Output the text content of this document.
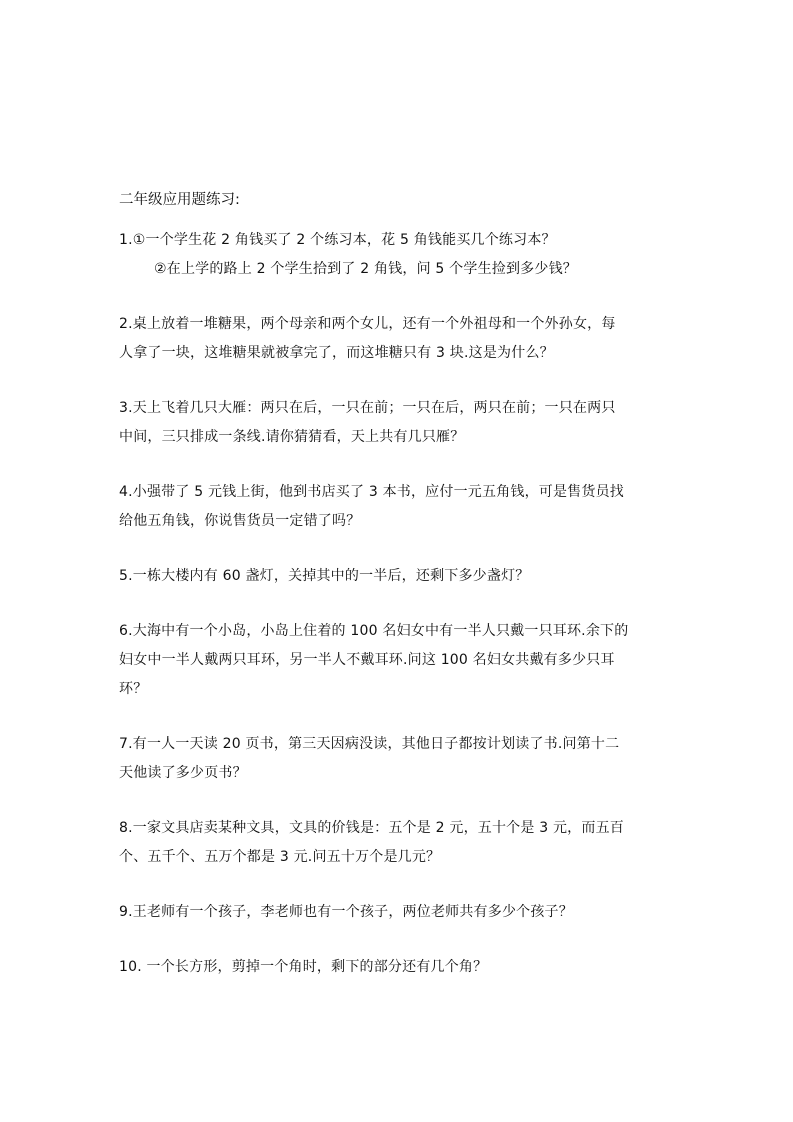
二年级应用题练习:
1.①一个学生花 2 角钱买了 2 个练习本，花 5 角钱能买几个练习本？
②在上学的路上 2 个学生拾到了 2 角钱，问 5 个学生捡到多少钱？
2.桌上放着一堆糖果，两个母亲和两个女儿，还有一个外祖母和一个外孙女，每
人拿了一块，这堆糖果就被拿完了，而这堆糖只有 3 块.这是为什么？
3.天上飞着几只大雁：两只在后，一只在前；一只在后，两只在前；一只在两只
中间，三只排成一条线.请你猜猜看，天上共有几只雁？
4.小强带了 5 元钱上街，他到书店买了 3 本书，应付一元五角钱，可是售货员找
给他五角钱，你说售货员一定错了吗？
5.一栋大楼内有 60 盏灯，关掉其中的一半后，还剩下多少盏灯？
6.大海中有一个小岛，小岛上住着的 100 名妇女中有一半人只戴一只耳环.余下的
妇女中一半人戴两只耳环，另一半人不戴耳环.问这 100 名妇女共戴有多少只耳
环？
7.有一人一天读 20 页书，第三天因病没读，其他日子都按计划读了书.问第十二
天他读了多少页书？
8.一家文具店卖某种文具，文具的价钱是：五个是 2 元，五十个是 3 元，而五百
个、五千个、五万个都是 3 元.问五十万个是几元？
9.王老师有一个孩子，李老师也有一个孩子，两位老师共有多少个孩子？
10. 一个长方形，剪掉一个角时，剩下的部分还有几个角？
